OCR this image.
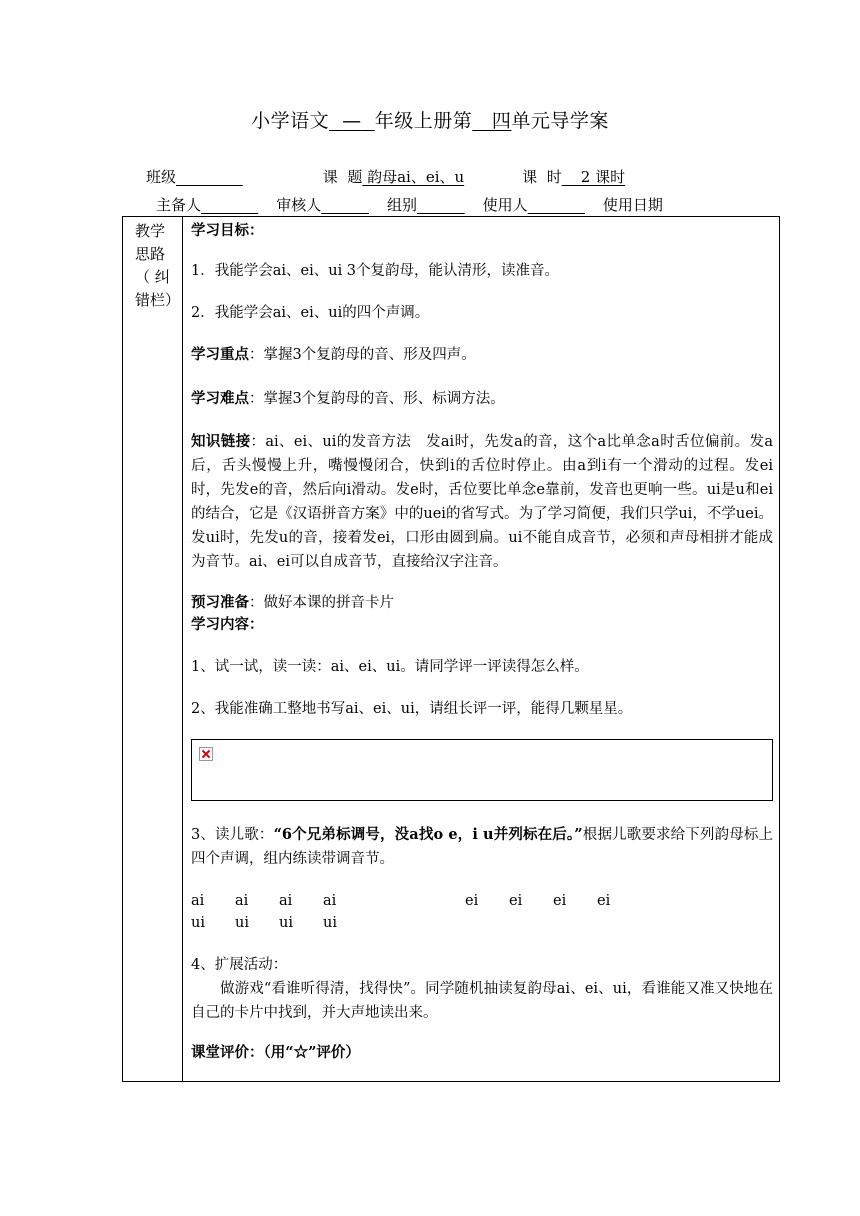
小学语文 — 年级上册第 四单元导学案
班级	课  题 韵母ai、ei、u	课  时    2 课时
主备人	审核人	组别	使用人	使用日期
教学
思路
（ 纠
错栏）
学习目标：
1．我能学会ai、ei、ui 3个复韵母，能认清形，读准音。
2．我能学会ai、ei、ui的四个声调。
学习重点：掌握3个复韵母的音、形及四声。
学习难点：掌握3个复韵母的音、形、标调方法。
知识链接：ai、ei、ui的发音方法　发ai时，先发a的音，这个a比单念a时舌位偏前。发a后，舌头慢慢上升，嘴慢慢闭合，快到i的舌位时停止。由a到i有一个滑动的过程。发ei时，先发e的音，然后向i滑动。发e时，舌位要比单念e靠前，发音也更响一些。ui是u和ei的结合，它是《汉语拼音方案》中的uei的省写式。为了学习简便，我们只学ui，不学uei。发ui时，先发u的音，接着发ei，口形由圆到扁。ui不能自成音节，必须和声母相拼才能成为音节。ai、ei可以自成音节，直接给汉字注音。
预习准备：做好本课的拼音卡片
学习内容：
1、试一试，读一读：ai、ei、ui。请同学评一评读得怎么样。
2、我能准确工整地书写ai、ei、ui，请组长评一评，能得几颗星星。
3、读儿歌：“6个兄弟标调号，没a找o e，i u并列标在后。”根据儿歌要求给下列韵母标上四个声调，组内练读带调音节。
ai ai ai ai	ei ei ei ei
ui ui ui ui
4、扩展活动：
做游戏“看谁听得清，找得快”。同学随机抽读复韵母ai、ei、ui，看谁能又准又快地在自己的卡片中找到，并大声地读出来。
课堂评价：（用“☆”评价）
